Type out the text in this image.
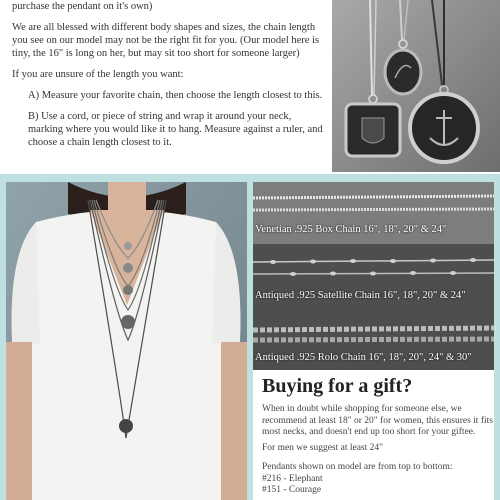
purchase the pendant on it's own)

We are all blessed with different body shapes and sizes, the chain length you see on our model may not be the right fit for you. (Our model here is tiny, the 16" is long on her, but may sit too short for someone larger)

If you are unsure of the length you want:

A) Measure your favorite chain, then choose the length closest to this.

B) Use a cord, or piece of string and wrap it around your neck, marking where you would like it to hang. Measure against a ruler, and choose a chain length closest to it.

Venetian .925 Box Chain 16", 18", 20" & 24"
Antiqued .925 Satellite Chain 16", 18", 20" & 24"
Antiqued .925 Rolo Chain 16", 18", 20", 24" & 30"
Buying for a gift?

When in doubt while shopping for someone else, we recommend at least 18" or 20" for women, this ensures it fits most necks, and doesn't end up too short for your giftee.

For men we suggest at least 24"

Pendants shown on model are from top to bottom:

#216 - Elephant

#151 - Courage
